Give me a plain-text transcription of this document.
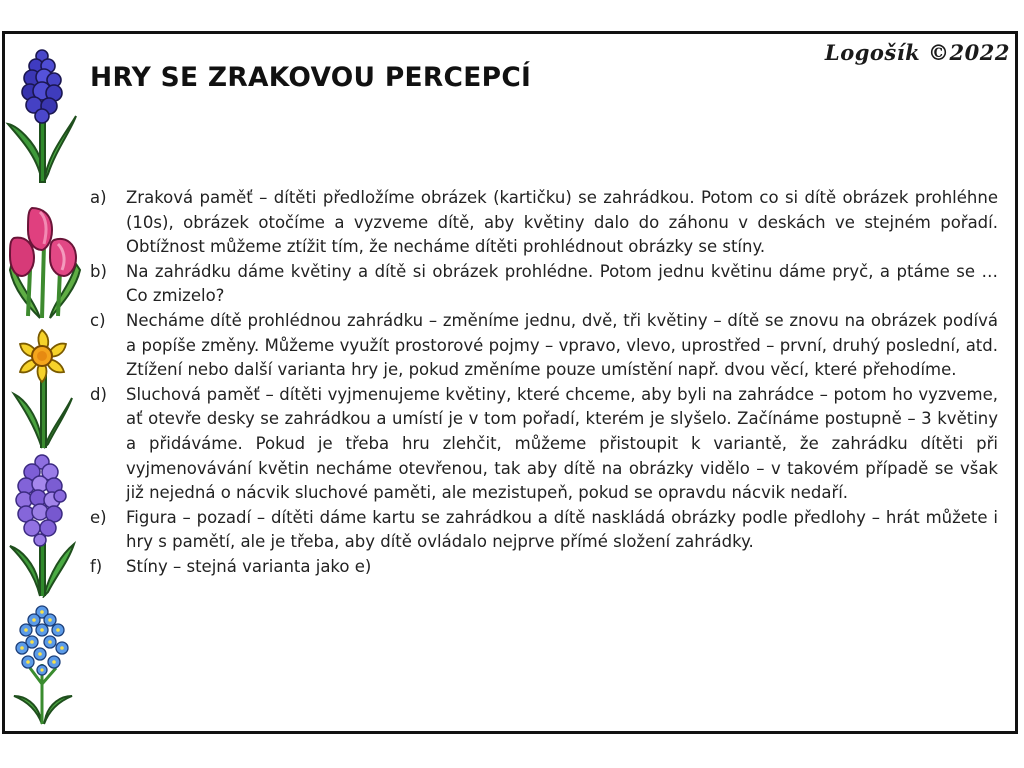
Logošík ©2022
HRY SE ZRAKOVOU PERCEPCÍ
a) Zraková paměť – dítěti předložíme obrázek (kartičku) se zahrádkou. Potom co si dítě obrázek prohléhne (10s), obrázek otočíme a vyzveme dítě, aby květiny dalo do záhonu v deskách ve stejném pořadí. Obtížnost můžeme ztížit tím, že necháme dítěti prohlédnout obrázky se stíny.
b) Na zahrádku dáme květiny a dítě si obrázek prohlédne. Potom jednu květinu dáme pryč, a ptáme se … Co zmizelo?
c) Necháme dítě prohlédnou zahrádku – změníme jednu, dvě, tři květiny – dítě se znovu na obrázek podívá a popíše změny. Můžeme využít prostorové pojmy – vpravo, vlevo, uprostřed – první, druhý poslední, atd. Ztížení nebo další varianta hry je, pokud změníme pouze umístění např. dvou věcí, které přehodíme.
d) Sluchová paměť – dítěti vyjmenujeme květiny, které chceme, aby byli na zahrádce – potom ho vyzveme, ať otevře desky se zahrádkou a umístí je v tom pořadí, kterém je slyšelo. Začínáme postupně – 3 květiny a přidáváme. Pokud je třeba hru zlehčit, můžeme přistoupit k variantě, že zahrádku dítěti při vyjmenovávání květin necháme otevřenou, tak aby dítě na obrázky vidělo – v takovém případě se však již nejedná o nácvik sluchové paměti, ale mezistupeň, pokud se opravdu nácvik nedaří.
e) Figura – pozadí – dítěti dáme kartu se zahrádkou a dítě naskládá obrázky podle předlohy – hrát můžete i hry s pamětí, ale je třeba, aby dítě ovládalo nejprve přímé složení zahrádky.
f) Stíny – stejná varianta jako e)
